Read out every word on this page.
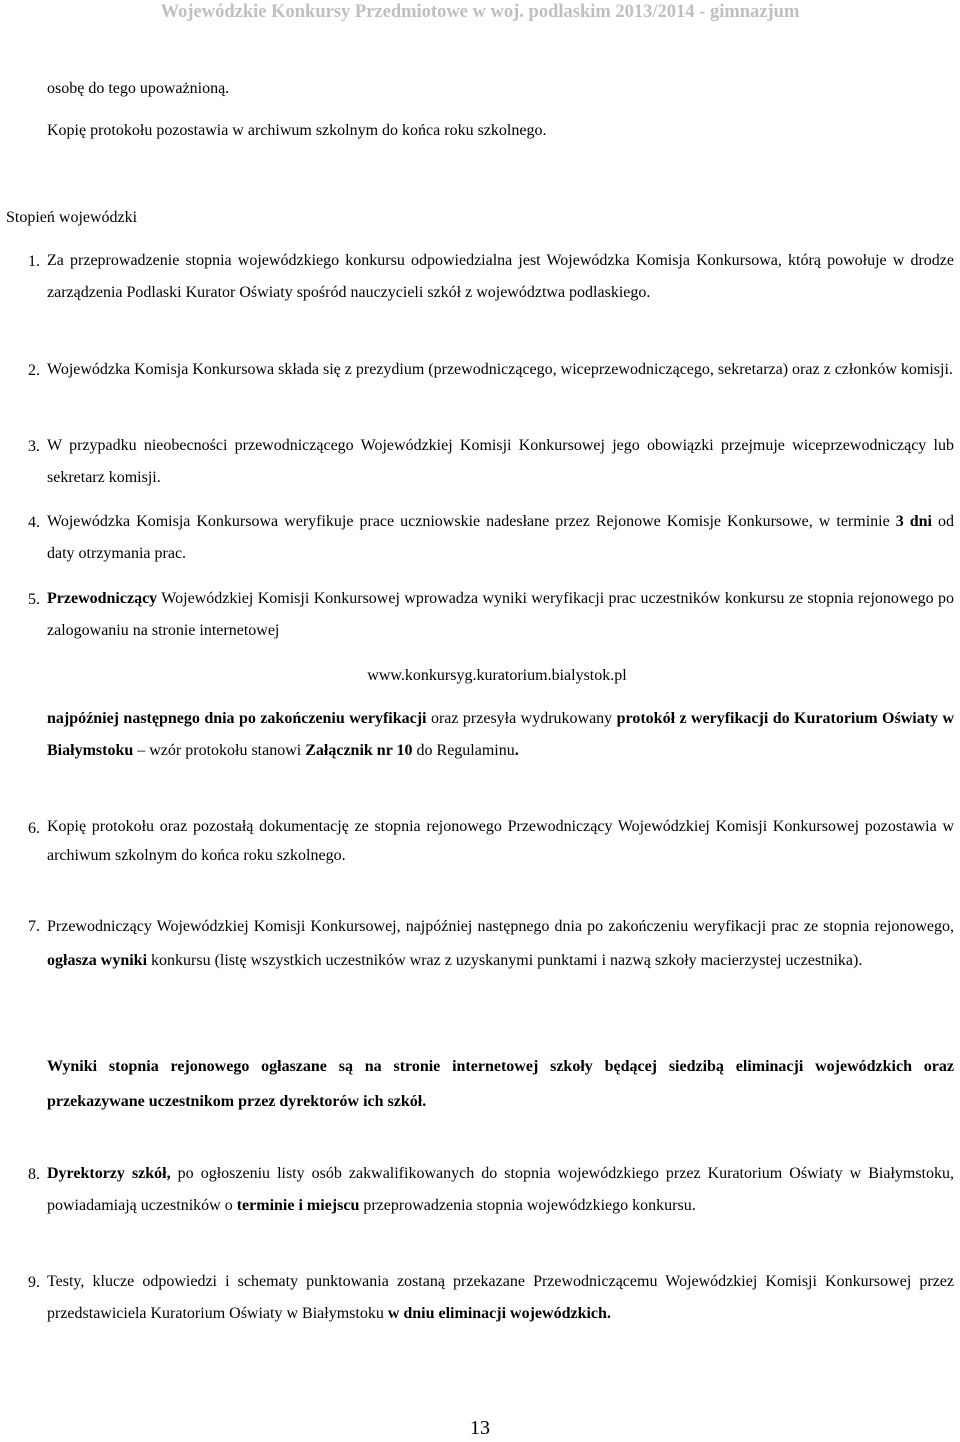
Wojewódzkie Konkursy Przedmiotowe w woj. podlaskim 2013/2014 - gimnazjum
osobę do tego upoważnioną.
Kopię protokołu pozostawia w archiwum szkolnym do końca roku szkolnego.
Stopień wojewódzki
1. Za przeprowadzenie stopnia wojewódzkiego konkursu odpowiedzialna jest Wojewódzka Komisja Konkursowa, którą powołuje w drodze zarządzenia Podlaski Kurator Oświaty spośród nauczycieli szkół z województwa podlaskiego.
2. Wojewódzka Komisja Konkursowa składa się z prezydium (przewodniczącego, wiceprzewodniczącego, sekretarza) oraz z członków komisji.
3. W przypadku nieobecności przewodniczącego Wojewódzkiej Komisji Konkursowej jego obowiązki przejmuje wiceprzewodniczący lub sekretarz komisji.
4. Wojewódzka Komisja Konkursowa weryfikuje prace uczniowskie nadesłane przez Rejonowe Komisje Konkursowe, w terminie 3 dni od daty otrzymania prac.
5. Przewodniczący Wojewódzkiej Komisji Konkursowej wprowadza wyniki weryfikacji prac uczestników konkursu ze stopnia rejonowego po zalogowaniu na stronie internetowej
www.konkursyg.kuratorium.bialystok.pl
najpóźniej następnego dnia po zakończeniu weryfikacji oraz przesyła wydrukowany protokół z weryfikacji do Kuratorium Oświaty w Białymstoku – wzór protokołu stanowi Załącznik nr 10 do Regulaminu.
6. Kopię protokołu oraz pozostałą dokumentację ze stopnia rejonowego Przewodniczący Wojewódzkiej Komisji Konkursowej pozostawia w archiwum szkolnym do końca roku szkolnego.
7. Przewodniczący Wojewódzkiej Komisji Konkursowej, najpóźniej następnego dnia po zakończeniu weryfikacji prac ze stopnia rejonowego, ogłasza wyniki konkursu (listę wszystkich uczestników wraz z uzyskanymi punktami i nazwą szkoły macierzystej uczestnika).
Wyniki stopnia rejonowego ogłaszane są na stronie internetowej szkoły będącej siedzibą eliminacji wojewódzkich oraz przekazywane uczestnikom przez dyrektorów ich szkół.
8. Dyrektorzy szkół, po ogłoszeniu listy osób zakwalifikowanych do stopnia wojewódzkiego przez Kuratorium Oświaty w Białymstoku, powiadamiają uczestników o terminie i miejscu przeprowadzenia stopnia wojewódzkiego konkursu.
9. Testy, klucze odpowiedzi i schematy punktowania zostaną przekazane Przewodniczącemu Wojewódzkiej Komisji Konkursowej przez przedstawiciela Kuratorium Oświaty w Białymstoku w dniu eliminacji wojewódzkich.
13
